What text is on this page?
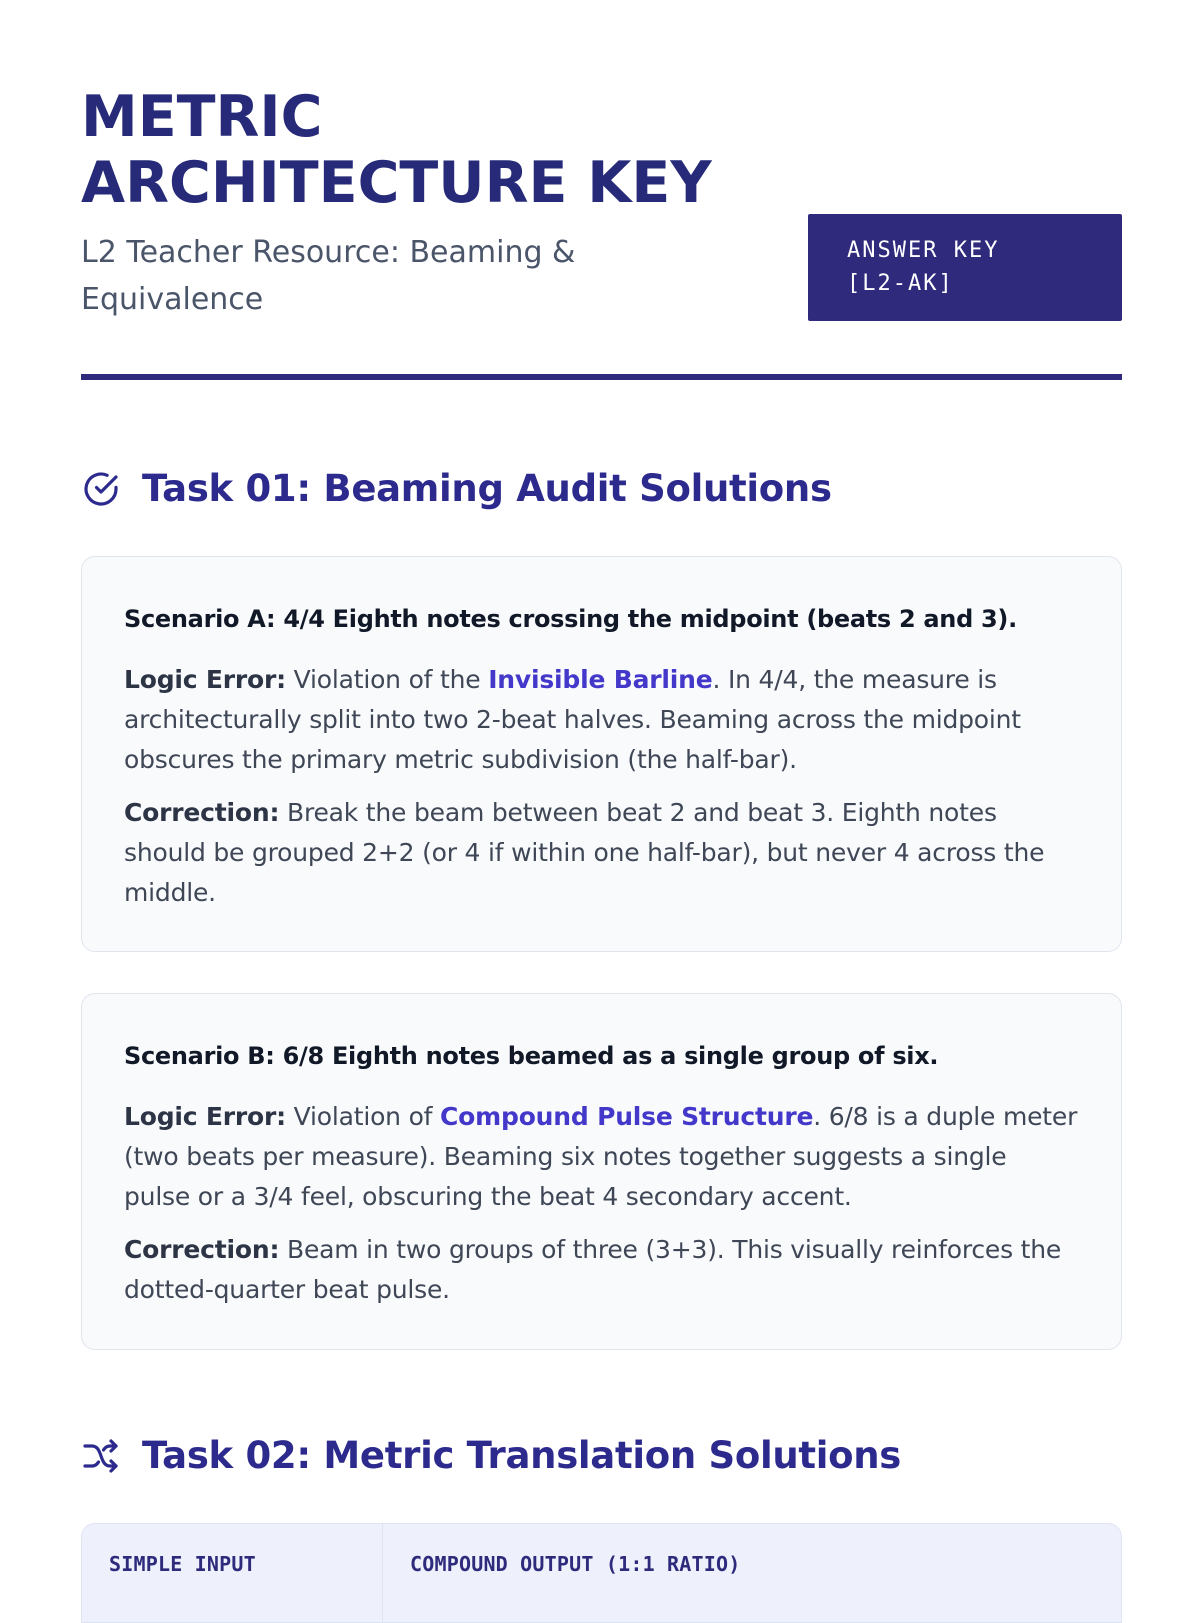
METRIC
ARCHITECTURE KEY

L2 Teacher Resource: Beaming & Equivalence

ANSWER KEY
[L2-AK]
Task 01: Beaming Audit Solutions

Scenario A: 4/4 Eighth notes crossing the midpoint (beats 2 and 3).

Logic Error: Violation of the Invisible Barline. In 4/4, the measure is architecturally split into two 2-beat halves. Beaming across the midpoint obscures the primary metric subdivision (the half-bar).

Correction: Break the beam between beat 2 and beat 3. Eighth notes should be grouped 2+2 (or 4 if within one half-bar), but never 4 across the middle.

Scenario B: 6/8 Eighth notes beamed as a single group of six.

Logic Error: Violation of Compound Pulse Structure. 6/8 is a duple meter (two beats per measure). Beaming six notes together suggests a single pulse or a 3/4 feel, obscuring the beat 4 secondary accent.

Correction: Beam in two groups of three (3+3). This visually reinforces the dotted-quarter beat pulse.

Task 02: Metric Translation Solutions
SIMPLE INPUT	COMPOUND OUTPUT (1:1 RATIO)
